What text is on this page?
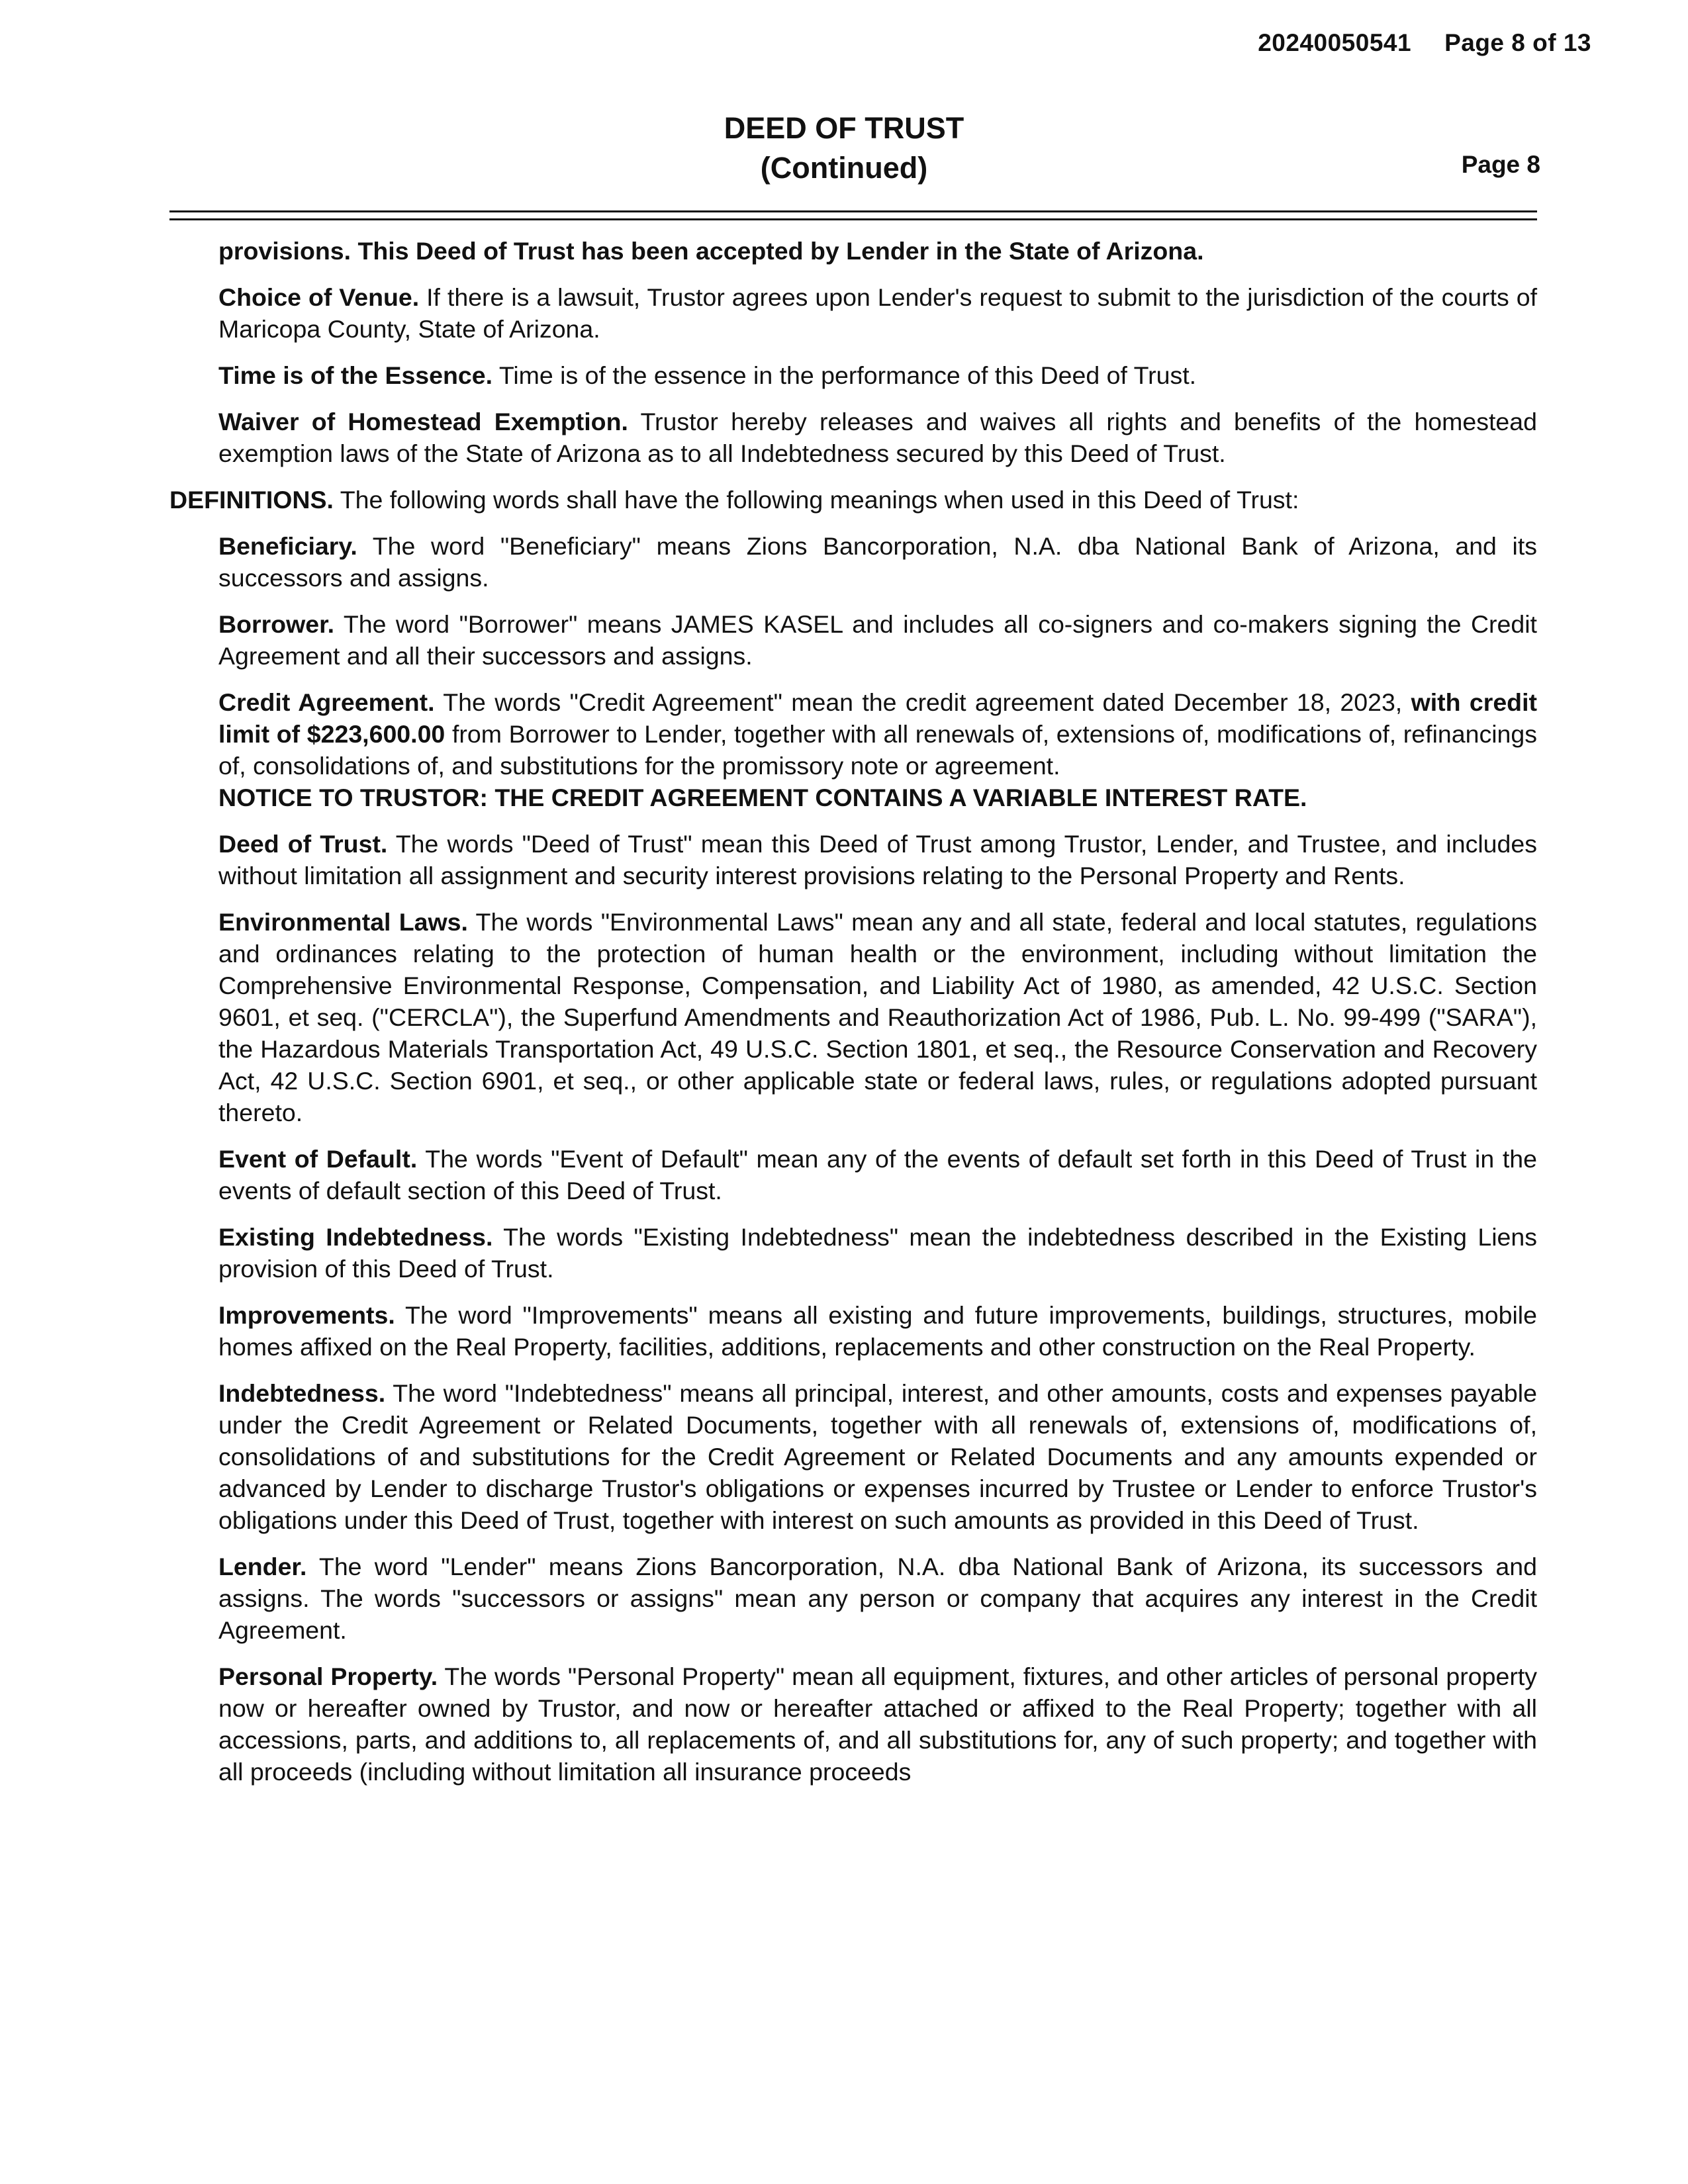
20240050541 Page 8 of 13
DEED OF TRUST
(Continued)	Page 8

provisions. This Deed of Trust has been accepted by Lender in the State of Arizona.

Choice of Venue. If there is a lawsuit, Trustor agrees upon Lender's request to submit to the jurisdiction of the courts of Maricopa County, State of Arizona.

Time is of the Essence. Time is of the essence in the performance of this Deed of Trust.

Waiver of Homestead Exemption. Trustor hereby releases and waives all rights and benefits of the homestead exemption laws of the State of Arizona as to all Indebtedness secured by this Deed of Trust.

DEFINITIONS. The following words shall have the following meanings when used in this Deed of Trust:

Beneficiary. The word "Beneficiary" means Zions Bancorporation, N.A. dba National Bank of Arizona, and its successors and assigns.

Borrower. The word "Borrower" means JAMES KASEL and includes all co-signers and co-makers signing the Credit Agreement and all their successors and assigns.

Credit Agreement. The words "Credit Agreement" mean the credit agreement dated December 18, 2023, with credit limit of $223,600.00 from Borrower to Lender, together with all renewals of, extensions of, modifications of, refinancings of, consolidations of, and substitutions for the promissory note or agreement.
NOTICE TO TRUSTOR: THE CREDIT AGREEMENT CONTAINS A VARIABLE INTEREST RATE.

Deed of Trust. The words "Deed of Trust" mean this Deed of Trust among Trustor, Lender, and Trustee, and includes without limitation all assignment and security interest provisions relating to the Personal Property and Rents.

Environmental Laws. The words "Environmental Laws" mean any and all state, federal and local statutes, regulations and ordinances relating to the protection of human health or the environment, including without limitation the Comprehensive Environmental Response, Compensation, and Liability Act of 1980, as amended, 42 U.S.C. Section 9601, et seq. ("CERCLA"), the Superfund Amendments and Reauthorization Act of 1986, Pub. L. No. 99-499 ("SARA"), the Hazardous Materials Transportation Act, 49 U.S.C. Section 1801, et seq., the Resource Conservation and Recovery Act, 42 U.S.C. Section 6901, et seq., or other applicable state or federal laws, rules, or regulations adopted pursuant thereto.

Event of Default. The words "Event of Default" mean any of the events of default set forth in this Deed of Trust in the events of default section of this Deed of Trust.

Existing Indebtedness. The words "Existing Indebtedness" mean the indebtedness described in the Existing Liens provision of this Deed of Trust.

Improvements. The word "Improvements" means all existing and future improvements, buildings, structures, mobile homes affixed on the Real Property, facilities, additions, replacements and other construction on the Real Property.

Indebtedness. The word "Indebtedness" means all principal, interest, and other amounts, costs and expenses payable under the Credit Agreement or Related Documents, together with all renewals of, extensions of, modifications of, consolidations of and substitutions for the Credit Agreement or Related Documents and any amounts expended or advanced by Lender to discharge Trustor's obligations or expenses incurred by Trustee or Lender to enforce Trustor's obligations under this Deed of Trust, together with interest on such amounts as provided in this Deed of Trust.

Lender. The word "Lender" means Zions Bancorporation, N.A. dba National Bank of Arizona, its successors and assigns. The words "successors or assigns" mean any person or company that acquires any interest in the Credit Agreement.

Personal Property. The words "Personal Property" mean all equipment, fixtures, and other articles of personal property now or hereafter owned by Trustor, and now or hereafter attached or affixed to the Real Property; together with all accessions, parts, and additions to, all replacements of, and all substitutions for, any of such property; and together with all proceeds (including without limitation all insurance proceeds
